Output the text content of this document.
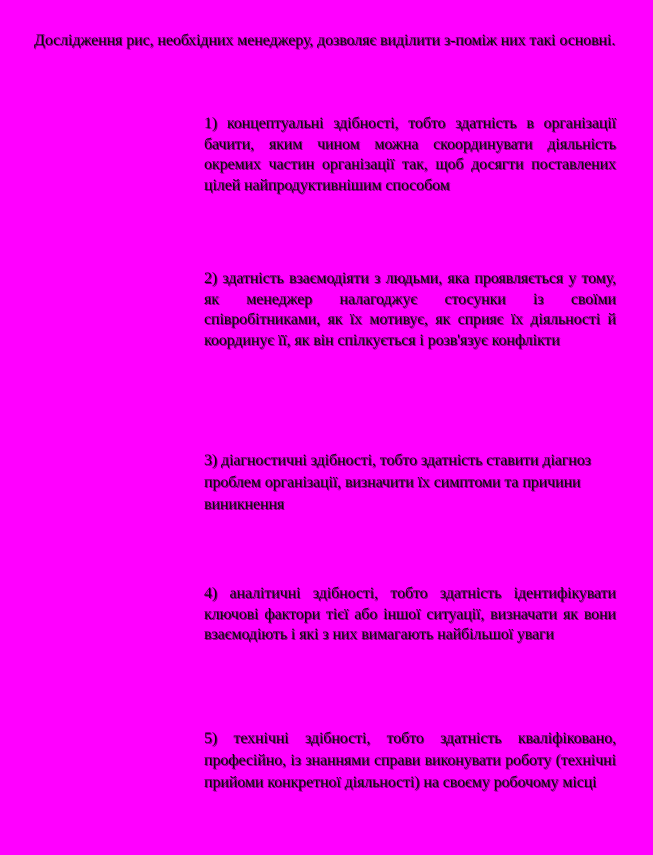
Дослідження рис, необхідних менеджеру, дозволяє виділити з-поміж них такі основні.

1) концептуальні здібності, тобто здатність в організації бачити, яким чином можна скоординувати діяльність окремих частин організації так, щоб досягти поставлених цілей найпродуктивнішим способом

2) здатність взаємодіяти з людьми, яка проявляється у тому, як менеджер налагоджує стосунки із своїми співробітниками, як їх мотивує, як сприяє їх діяльності й координує її, як він спілкується і розв'язує конфлікти

3) діагностичні здібності, тобто здатність ставити діагноз проблем організації, визначити їх симптоми та причини виникнення

4) аналітичні здібності, тобто здатність ідентифікувати ключові фактори тієї або іншої ситуації, визначати як вони взаємодіють і які з них вимагають найбільшої уваги

5) технічні здібності, тобто здатність кваліфіковано, професійно, із знаннями справи виконувати роботу (технічні прийоми конкретної діяльності) на своєму робочому місці
